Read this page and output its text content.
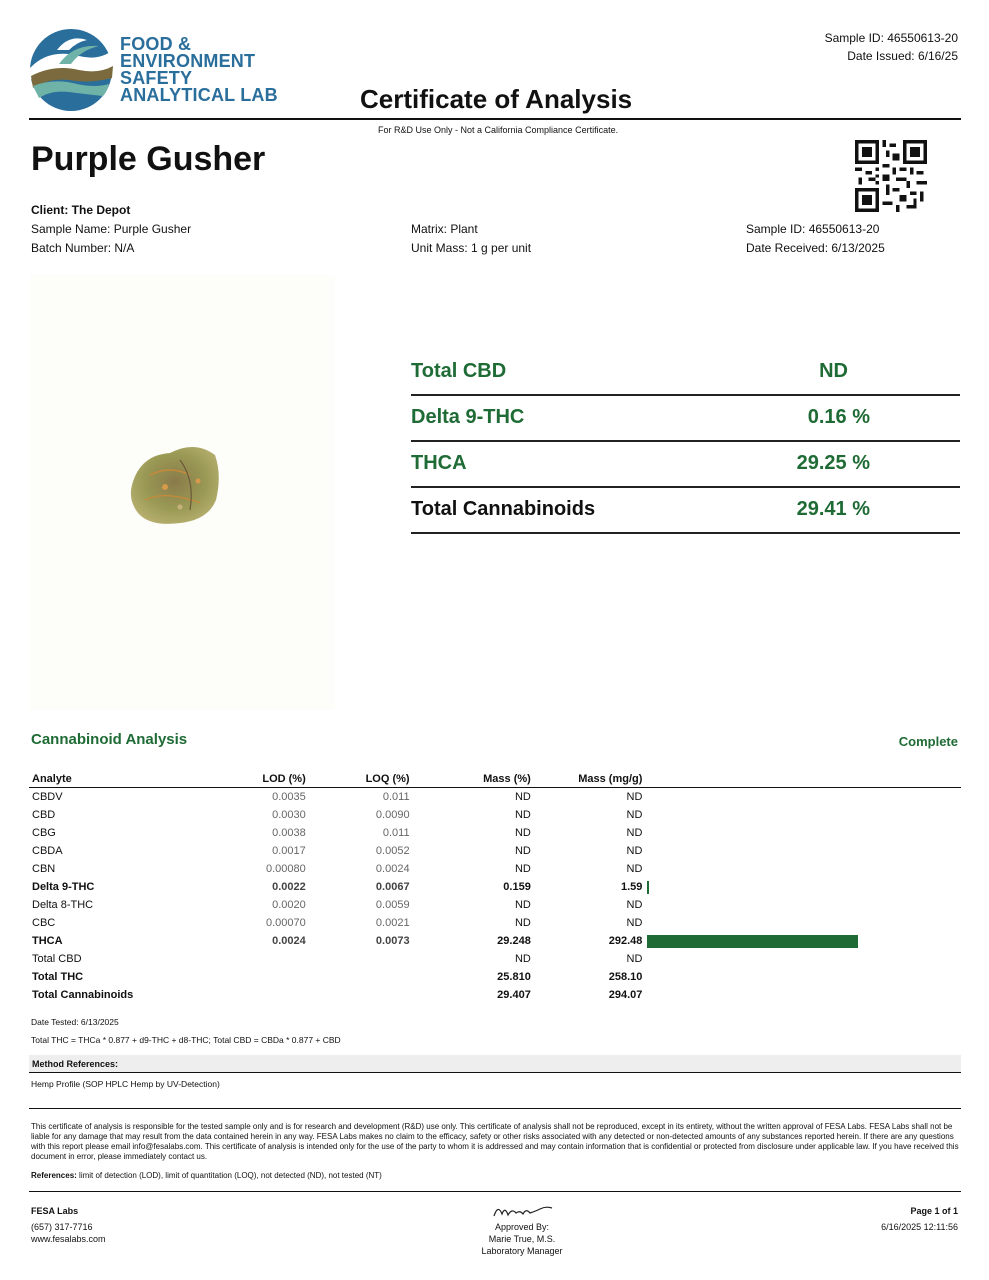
FOOD &
ENVIRONMENT
SAFETY
ANALYTICAL LAB
Sample ID: 46550613-20
Date Issued: 6/16/25
Certificate of Analysis
For R&D Use Only - Not a California Compliance Certificate.
Purple Gusher
Client: The Depot
Sample Name: Purple Gusher
Batch Number: N/A
Matrix: Plant
Unit Mass: 1 g per unit
Sample ID: 46550613-20
Date Received: 6/13/2025
Total CBD	ND
Delta 9-THC	0.16 %
THCA	29.25 %
Total Cannabinoids	29.41 %
Cannabinoid Analysis	Complete
Analyte	LOD (%)	LOQ (%)	Mass (%)	Mass (mg/g)	
CBDV	0.0035	0.011	ND	ND	
CBD	0.0030	0.0090	ND	ND	
CBG	0.0038	0.011	ND	ND	
CBDA	0.0017	0.0052	ND	ND	
CBN	0.00080	0.0024	ND	ND	
Delta 9-THC	0.0022	0.0067	0.159	1.59	

Delta 8-THC	0.0020	0.0059	ND	ND	
CBC	0.00070	0.0021	ND	ND	
THCA	0.0024	0.0073	29.248	292.48	

Total CBD			ND	ND	
Total THC			25.810	258.10	
Total Cannabinoids			29.407	294.07	
Date Tested: 6/13/2025
Total THC = THCa * 0.877 + d9-THC + d8-THC; Total CBD = CBDa * 0.877 + CBD
Method References:
Hemp Profile (SOP HPLC Hemp by UV-Detection)
This certificate of analysis is responsible for the tested sample only and is for research and development (R&D) use only. This certificate of analysis shall not be reproduced, except in its entirety, without the written approval of FESA Labs. FESA Labs shall not be liable for any damage that may result from the data contained herein in any way. FESA Labs makes no claim to the efficacy, safety or other risks associated with any detected or non-detected amounts of any substances reported herein. If there are any questions with this report please email info@fesalabs.com. This certificate of analysis is intended only for the use of the party to whom it is addressed and may contain information that is confidential or protected from disclosure under applicable law. If you have received this document in error, please immediately contact us.
References: limit of detection (LOD), limit of quantitation (LOQ), not detected (ND), not tested (NT)
FESA Labs
(657) 317-7716
www.fesalabs.com
Approved By:
Marie True, M.S.
Laboratory Manager
Page 1 of 1
6/16/2025 12:11:56
